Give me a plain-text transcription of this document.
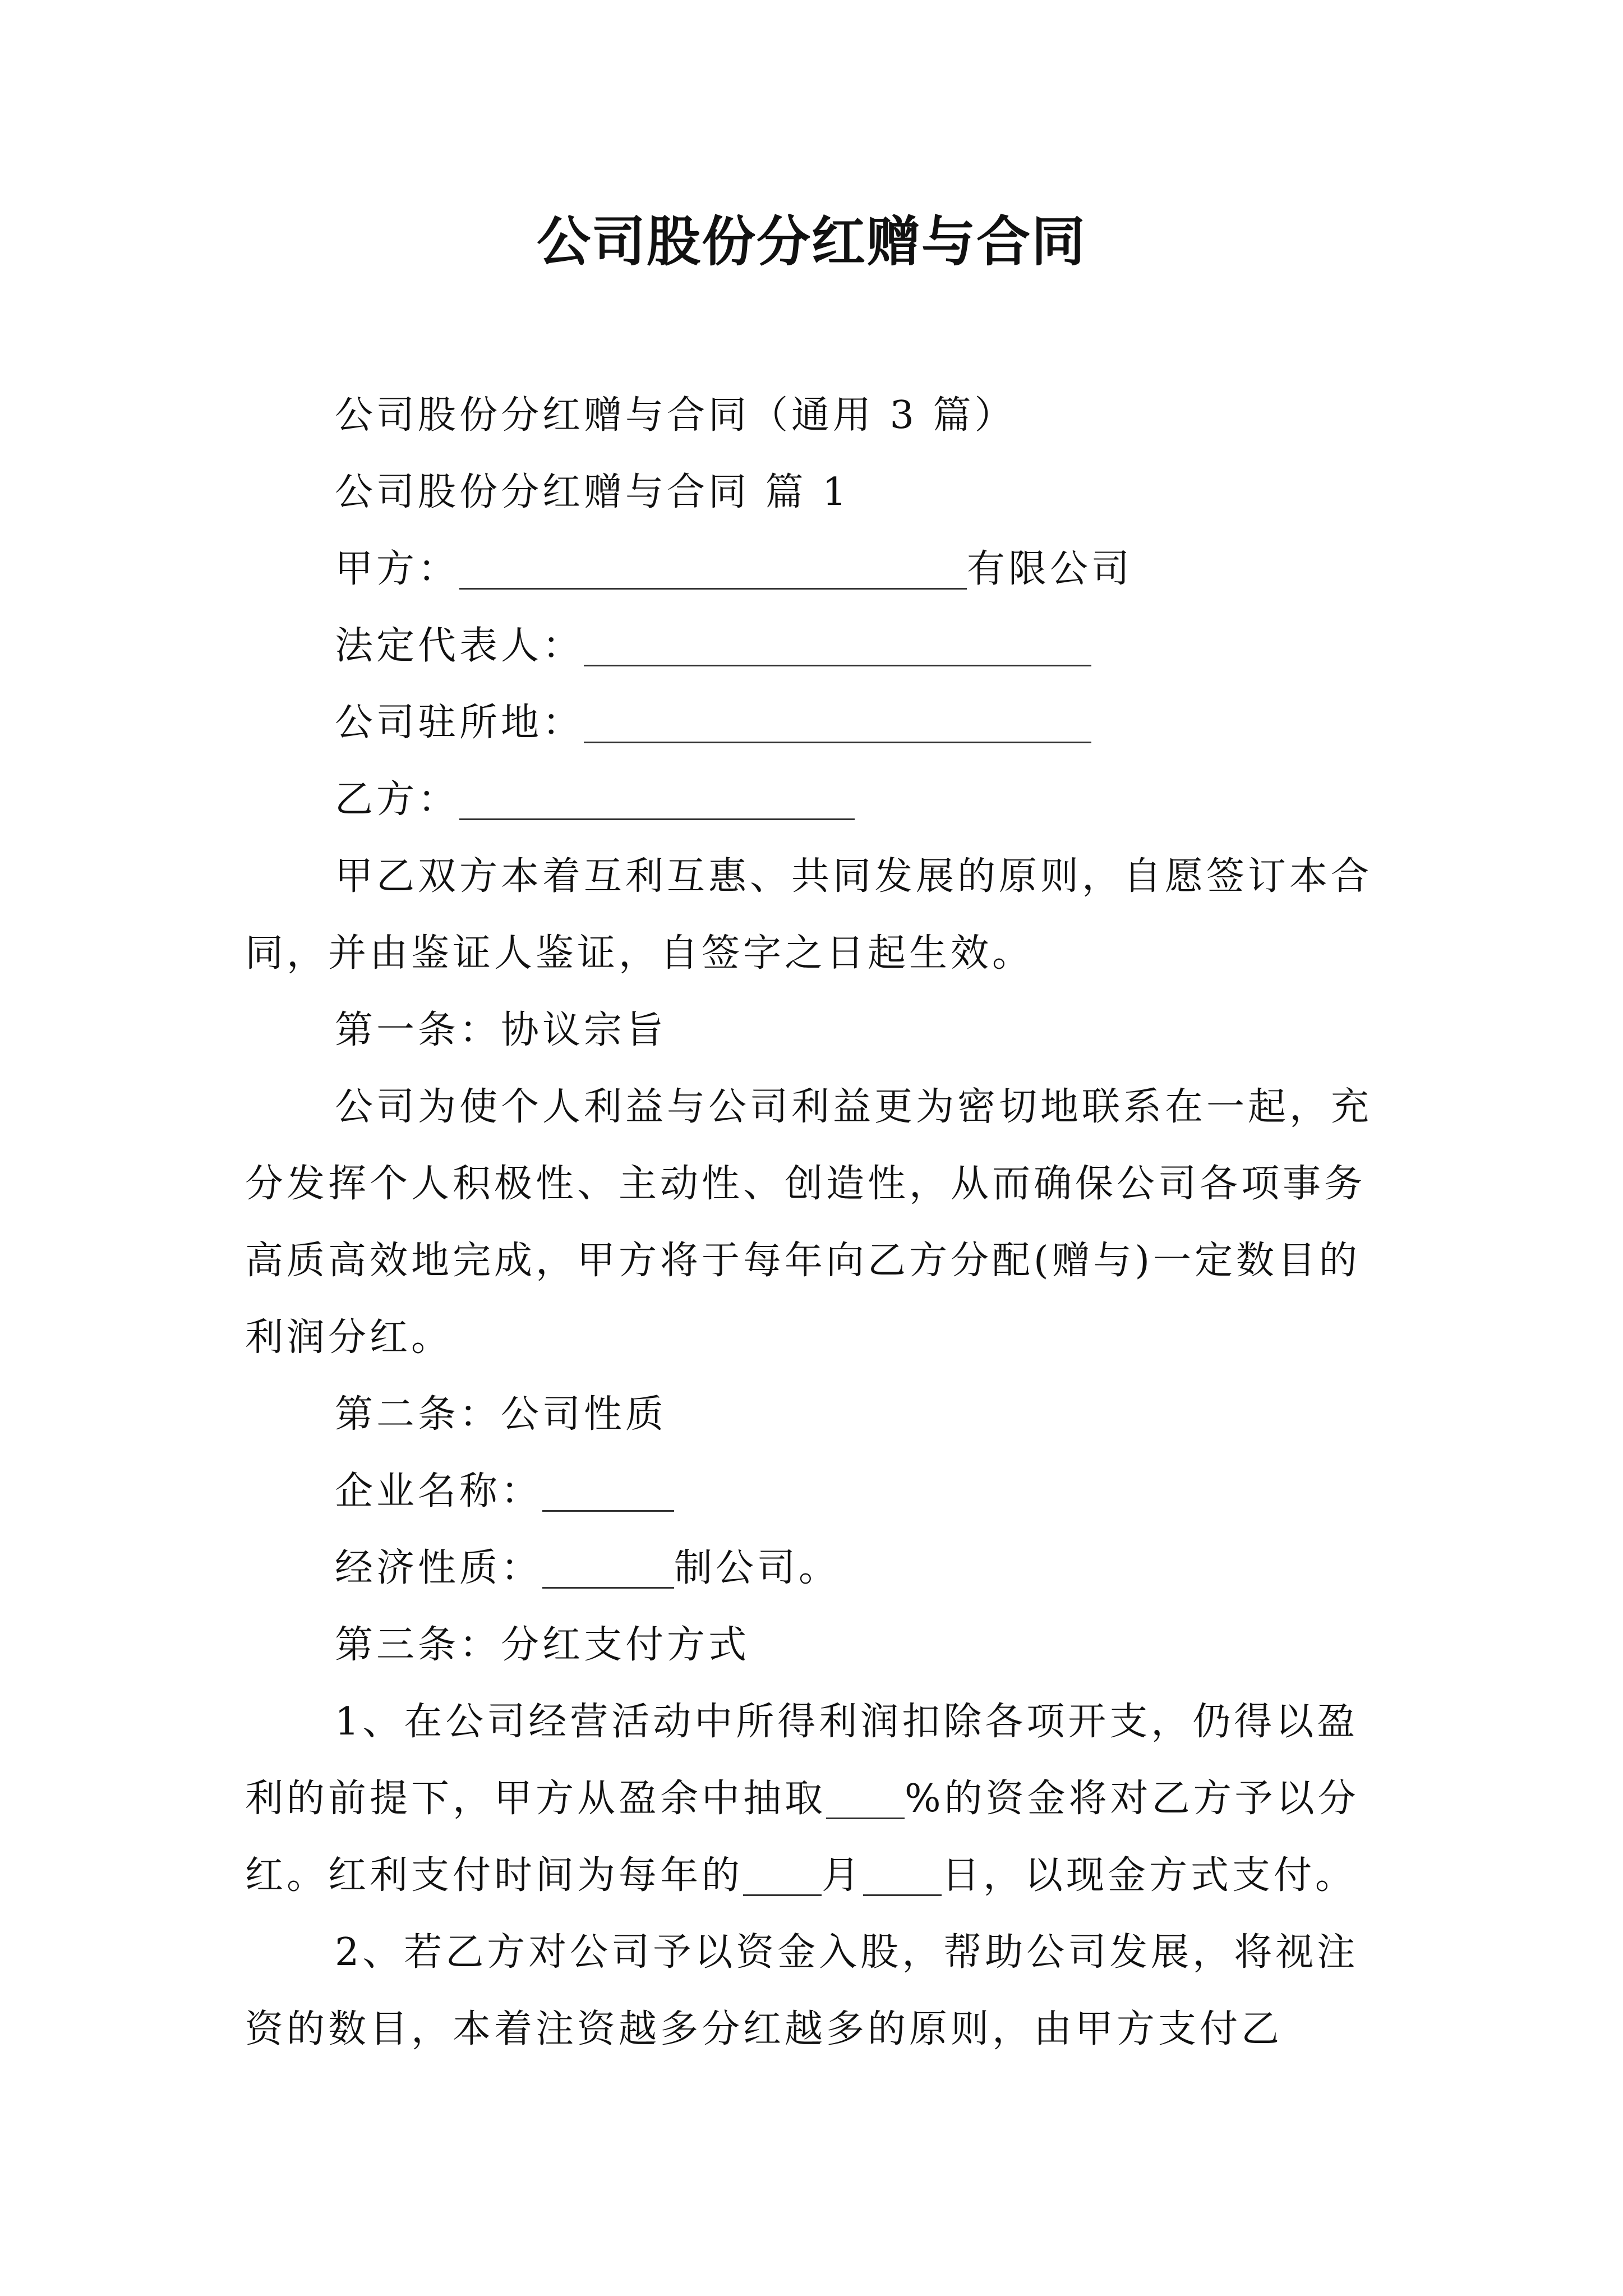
公司股份分红赠与合同

公司股份分红赠与合同（通用 3 篇）

公司股份分红赠与合同 篇 1

甲方：	有限公司

法定代表人：

公司驻所地：

乙方：

甲乙双方本着互利互惠、共同发展的原则，自愿签订本合同，并由鉴证人鉴证，自签字之日起生效。

第一条：协议宗旨

公司为使个人利益与公司利益更为密切地联系在一起，充分发挥个人积极性、主动性、创造性，从而确保公司各项事务高质高效地完成，甲方将于每年向乙方分配(赠与)一定数目的利润分红。

第二条：公司性质

企业名称：

经济性质：	制公司。

第三条：分红支付方式

1、在公司经营活动中所得利润扣除各项开支，仍得以盈利的前提下，甲方从盈余中抽取 %的资金将对乙方予以分红。红利支付时间为每年的 月 日，以现金方式支付。

2、若乙方对公司予以资金入股，帮助公司发展，将视注资的数目，本着注资越多分红越多的原则，由甲方支付乙
